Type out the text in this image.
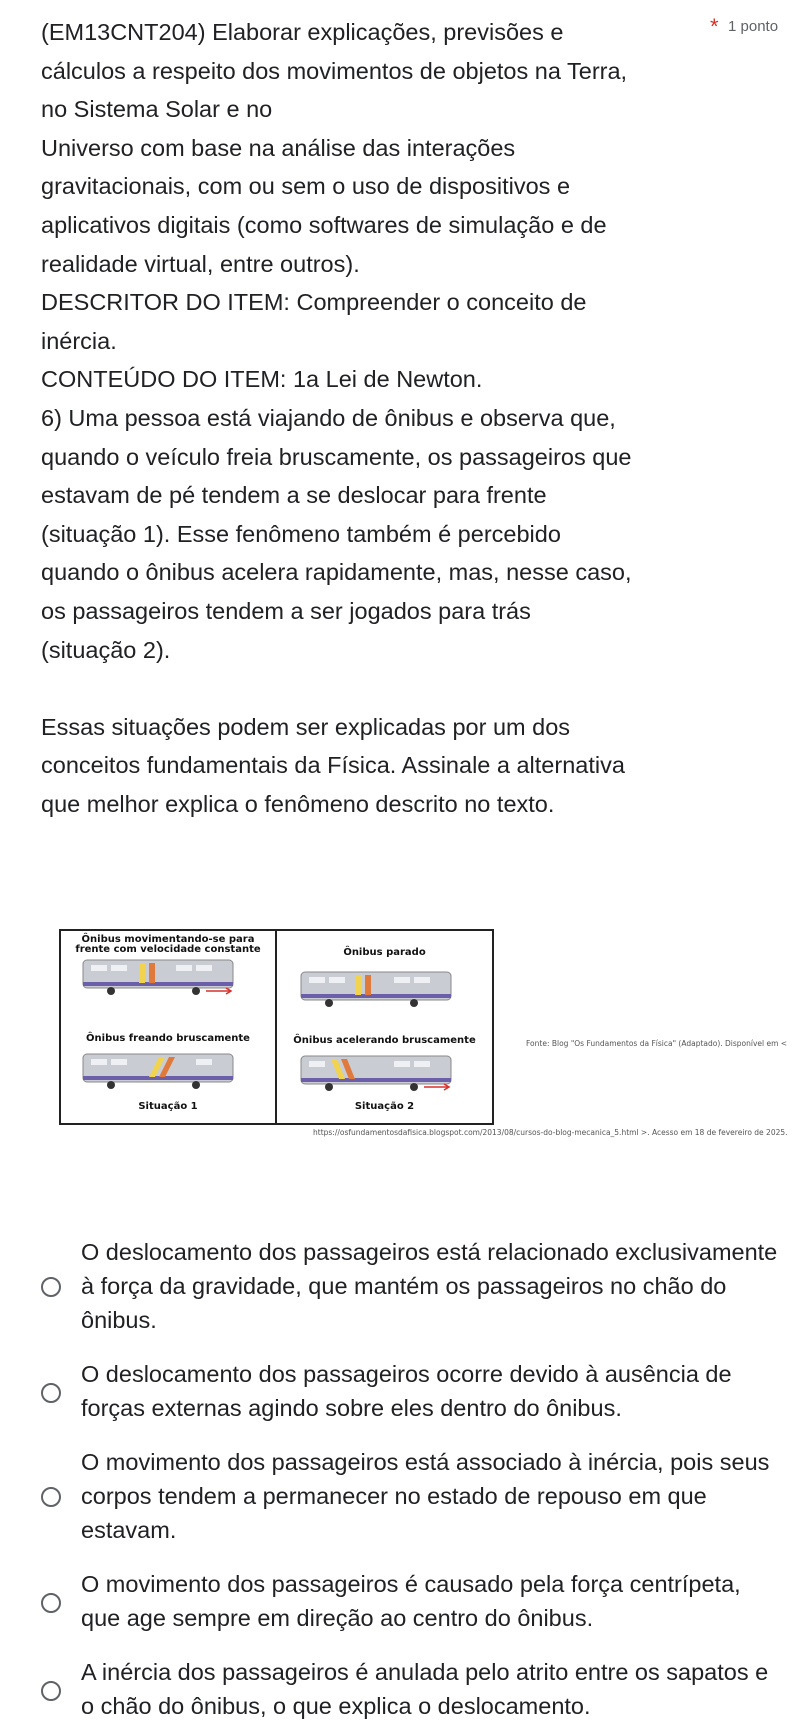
(EM13CNT204) Elaborar explicações, previsões e
cálculos a respeito dos movimentos de objetos na Terra,
no Sistema Solar e no
Universo com base na análise das interações
gravitacionais, com ou sem o uso de dispositivos e
aplicativos digitais (como softwares de simulação e de
realidade virtual, entre outros).
DESCRITOR DO ITEM: Compreender o conceito de
inércia.
CONTEÚDO DO ITEM: 1a Lei de Newton.
6) Uma pessoa está viajando de ônibus e observa que,
quando o veículo freia bruscamente, os passageiros que
estavam de pé tendem a se deslocar para frente
(situação 1). Esse fenômeno também é percebido
quando o ônibus acelera rapidamente, mas, nesse caso,
os passageiros tendem a ser jogados para trás
(situação 2).

Essas situações podem ser explicadas por um dos
conceitos fundamentais da Física. Assinale a alternativa
que melhor explica o fenômeno descrito no texto.
* 1 ponto
Ônibus movimentando-se para frente com velocidade constante
Ônibus freando bruscamente
Situação 1
Ônibus parado
Ônibus acelerando bruscamente
Situação 2
Fonte: Blog "Os Fundamentos da Física" (Adaptado). Disponível em <
https://osfundamentosdafisica.blogspot.com/2013/08/cursos-do-blog-mecanica_5.html >. Acesso em 18 de fevereiro de 2025.
O deslocamento dos passageiros está relacionado exclusivamente à força da gravidade, que mantém os passageiros no chão do ônibus.
O deslocamento dos passageiros ocorre devido à ausência de forças externas agindo sobre eles dentro do ônibus.
O movimento dos passageiros está associado à inércia, pois seus corpos tendem a permanecer no estado de repouso em que estavam.
O movimento dos passageiros é causado pela força centrípeta, que age sempre em direção ao centro do ônibus.
A inércia dos passageiros é anulada pelo atrito entre os sapatos e o chão do ônibus, o que explica o deslocamento.
